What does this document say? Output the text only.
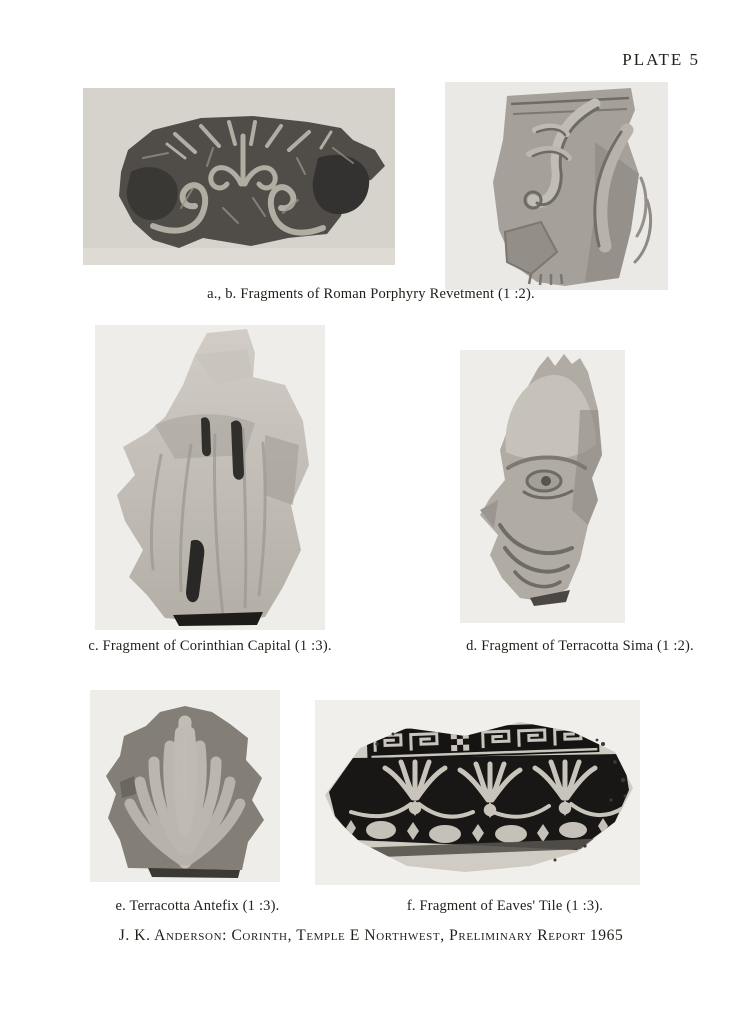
PLATE 5
a., b. Fragments of Roman Porphyry Revetment (1 :2).
c. Fragment of Corinthian Capital (1 :3).	d. Fragment of Terracotta Sima (1 :2).
e. Terracotta Antefix (1 :3).	f. Fragment of Eaves' Tile (1 :3).
J. K. Anderson: Corinth, Temple E Northwest, Preliminary Report 1965
